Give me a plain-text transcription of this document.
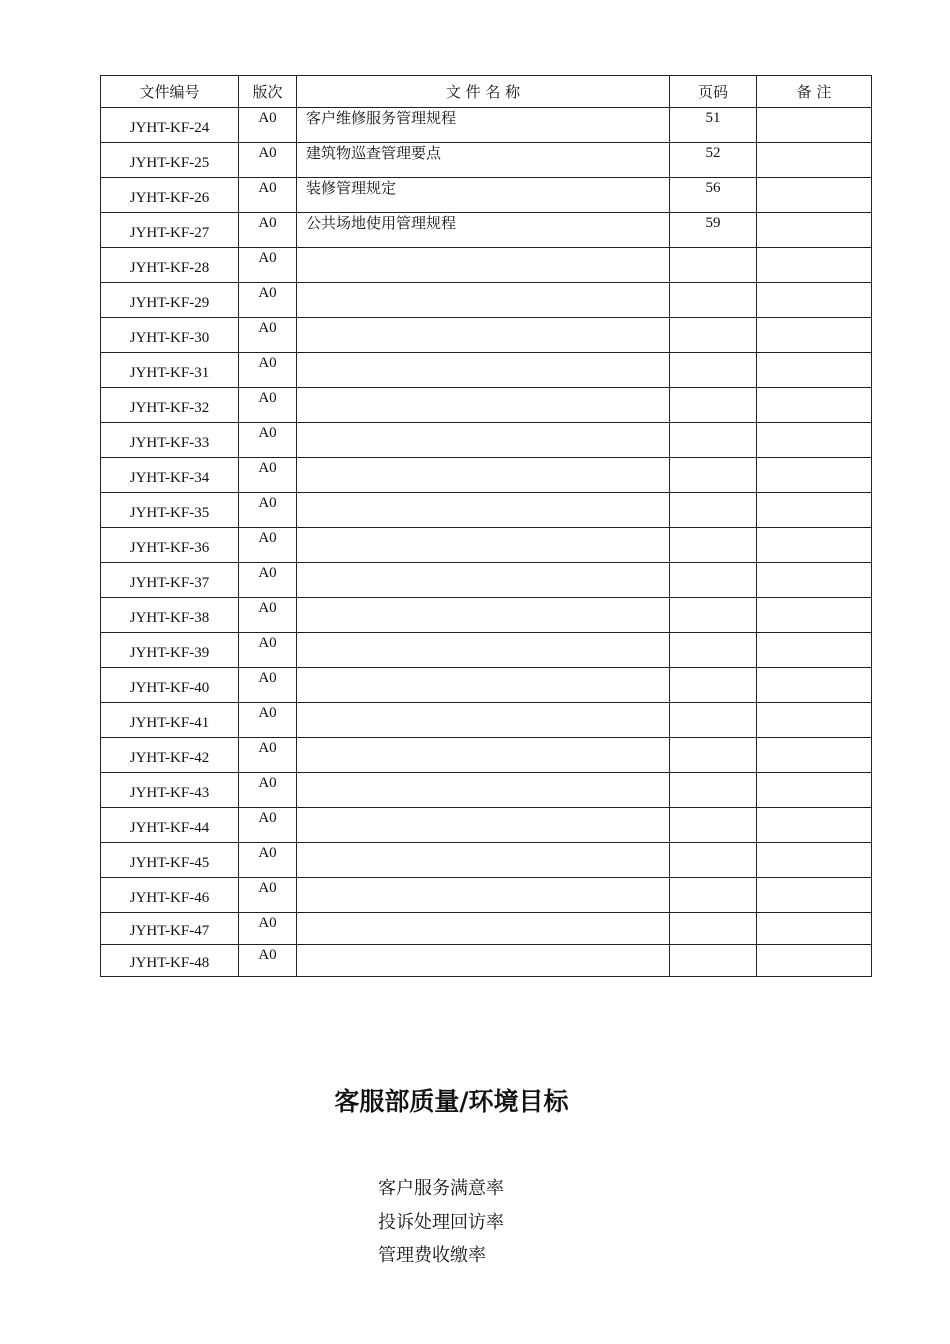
文件编号	版次	文 件 名 称	页码	备 注
JYHT-KF-24	A0	客户维修服务管理规程	51	
JYHT-KF-25	A0	建筑物巡查管理要点	52	
JYHT-KF-26	A0	装修管理规定	56	
JYHT-KF-27	A0	公共场地使用管理规程	59	
JYHT-KF-28	A0			
JYHT-KF-29	A0			
JYHT-KF-30	A0			
JYHT-KF-31	A0			
JYHT-KF-32	A0			
JYHT-KF-33	A0			
JYHT-KF-34	A0			
JYHT-KF-35	A0			
JYHT-KF-36	A0			
JYHT-KF-37	A0			
JYHT-KF-38	A0			
JYHT-KF-39	A0			
JYHT-KF-40	A0			
JYHT-KF-41	A0			
JYHT-KF-42	A0			
JYHT-KF-43	A0			
JYHT-KF-44	A0			
JYHT-KF-45	A0			
JYHT-KF-46	A0			
JYHT-KF-47	A0			
JYHT-KF-48	A0			
客服部质量/环境目标
客户服务满意率
投诉处理回访率
管理费收缴率
